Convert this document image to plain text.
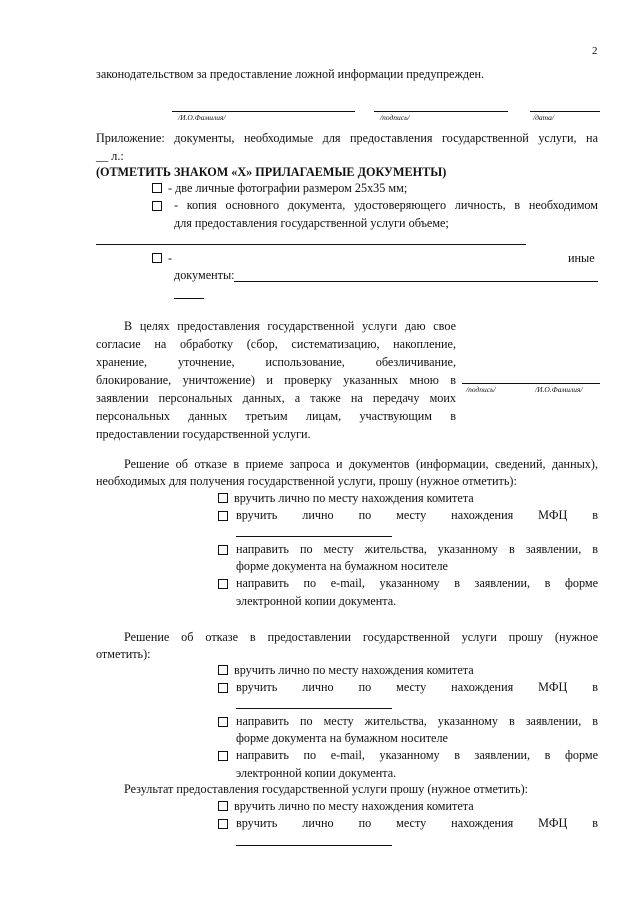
2
законодательством за предоставление ложной информации предупрежден.
/И.О.Фамилия/	/подпись/	/дата/
Приложение: документы, необходимые для предоставления государственной услуги, на
__ л.:
(ОТМЕТИТЬ ЗНАКОМ «Х» ПРИЛАГАЕМЫЕ ДОКУМЕНТЫ)
- две личные фотографии размером 25х35 мм;
- копия основного документа, удостоверяющего личность, в необходимом
для предоставления государственной услуги объеме;
-	иные
документы:
В целях предоставления государственной услуги даю свое
согласие на обработку (сбор, систематизацию, накопление,
хранение, уточнение, использование, обезличивание,
блокирование, уничтожение) и проверку указанных мною в
заявлении персональных данных, а также на передачу моих
персональных данных третьим лицам, участвующим в
предоставлении государственной услуги.
/подпись/	/И.О.Фамилия/
Решение об отказе в приеме запроса и документов (информации, сведений, данных),
необходимых для получения государственной услуги, прошу (нужное отметить):
вручить лично по месту нахождения комитета
вручить лично по месту нахождения МФЦ в
направить по месту жительства, указанному в заявлении, в
форме документа на бумажном носителе
направить по e-mail, указанному в заявлении, в форме
электронной копии документа.
Решение об отказе в предоставлении государственной услуги прошу (нужное
отметить):
вручить лично по месту нахождения комитета
вручить лично по месту нахождения МФЦ в
направить по месту жительства, указанному в заявлении, в
форме документа на бумажном носителе
направить по e-mail, указанному в заявлении, в форме
электронной копии документа.
Результат предоставления государственной услуги прошу (нужное отметить):
вручить лично по месту нахождения комитета
вручить лично по месту нахождения МФЦ в
